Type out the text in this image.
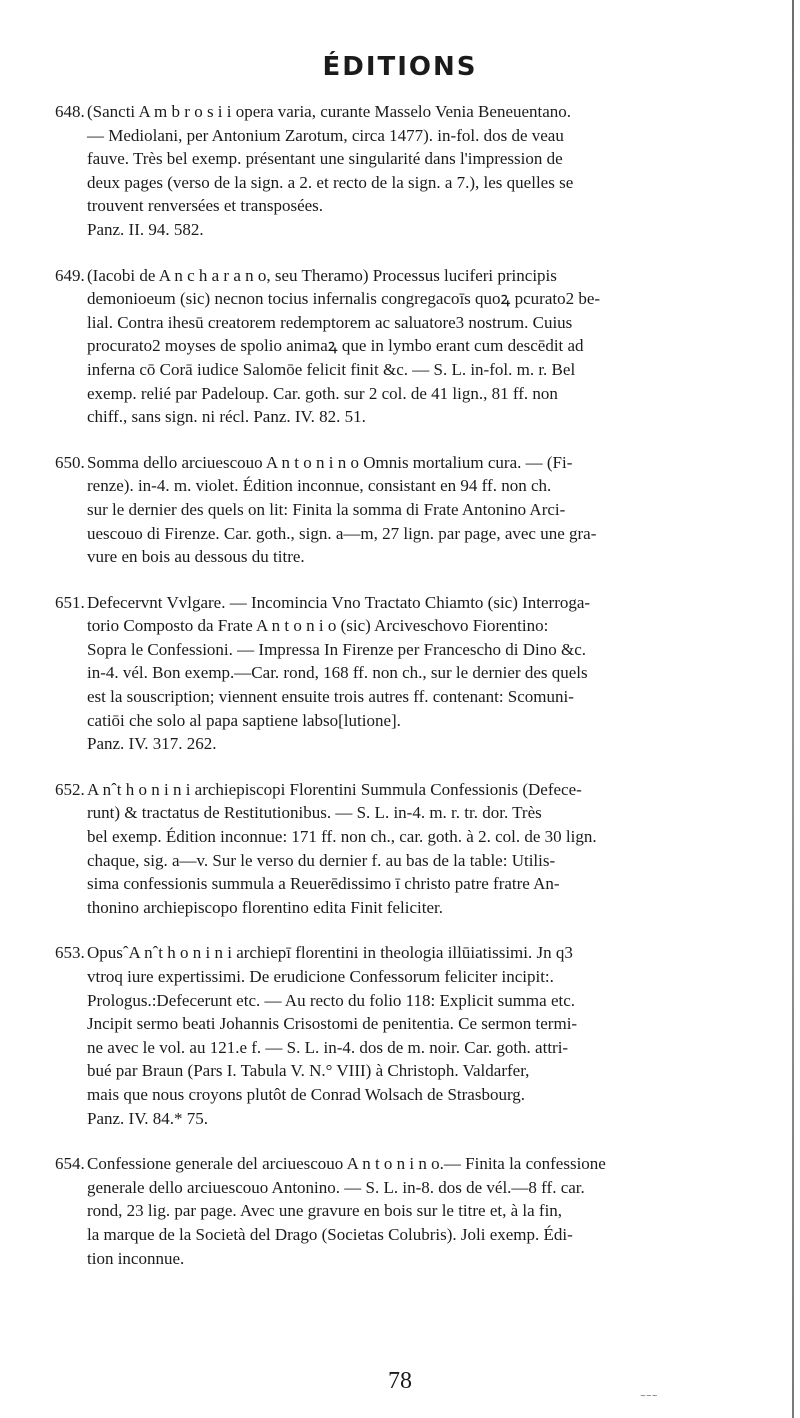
ÉDITIONS
648. (Sancti A m b r o s i i opera varia, curante Masselo Venia Beneuentano.
— Mediolani, per Antonium Zarotum, circa 1477). in-fol. dos de veau
fauve. Très bel exemp. présentant une singularité dans l'impression de
deux pages (verso de la sign. a 2. et recto de la sign. a 7.), les quelles se
trouvent renversées et transposées.
Panz. II. 94. 582.
649. (Iacobi de A n c h a r a n o, seu Theramo) Processus luciferi principis
demonioeum (sic) necnon tocius infernalis congregacoīs quoꝝ pcurato2 be-
lial. Contra ihesū creatorem redemptorem ac saluatore3 nostrum. Cuius
procurato2 moyses de spolio animaꝝ que in lymbo erant cum descēdit ad
inferna cō Corā iudice Salomōe felicit finit &c. — S. L. in-fol. m. r. Bel
exemp. relié par Padeloup. Car. goth. sur 2 col. de 41 lign., 81 ff. non
chiff., sans sign. ni récl. Panz. IV. 82. 51.
650. Somma dello arciuescouo A n t o n i n o Omnis mortalium cura. — (Fi-
renze). in-4. m. violet. Édition inconnue, consistant en 94 ff. non ch.
sur le dernier des quels on lit: Finita la somma di Frate Antonino Arci-
uescouo di Firenze. Car. goth., sign. a—m, 27 lign. par page, avec une gra-
vure en bois au dessous du titre.
651. Defecervnt Vvlgare. — Incomincia Vno Tractato Chiamto (sic) Interroga-
torio Composto da Frate A n t o n i o (sic) Arciveschovo Fiorentino:
Sopra le Confessioni. — Impressa In Firenze per Francescho di Dino &c.
in-4. vél. Bon exemp.—Car. rond, 168 ff. non ch., sur le dernier des quels
est la souscription; viennent ensuite trois autres ff. contenant: Scomuni-
catiōi che solo al papa saptiene labso[lutione].
Panz. IV. 317. 262.
652. A nˆt h o n i n i archiepiscopi Florentini Summula Confessionis (Defece-
runt) & tractatus de Restitutionibus. — S. L. in-4. m. r. tr. dor. Très
bel exemp. Édition inconnue: 171 ff. non ch., car. goth. à 2. col. de 30 lign.
chaque, sig. a—v. Sur le verso du dernier f. au bas de la table: Utilis-
sima confessionis summula a Reuerēdissimo ī christo patre fratre An-
thonino archiepiscopo florentino edita Finit feliciter.
653. OpusˆA nˆt h o n i n i archiepī florentini in theologia illūiatissimi. Jn q3
vtroq iure expertissimi. De erudicione Confessorum feliciter incipit:.
Prologus.:Defecerunt etc. — Au recto du folio 118: Explicit summa etc.
Jncipit sermo beati Johannis Crisostomi de penitentia. Ce sermon termi-
ne avec le vol. au 121.e f. — S. L. in-4. dos de m. noir. Car. goth. attri-
bué par Braun (Pars I. Tabula V. N.° VIII) à Christoph. Valdarfer,
mais que nous croyons plutôt de Conrad Wolsach de Strasbourg.
Panz. IV. 84.* 75.
654. Confessione generale del arciuescouo A n t o n i n o.— Finita la confessione
generale dello arciuescouo Antonino. — S. L. in-8. dos de vél.—8 ff. car.
rond, 23 lig. par page. Avec une gravure en bois sur le titre et, à la fin,
la marque de la Società del Drago (Societas Colubris). Joli exemp. Édi-
tion inconnue.
78
~~~
